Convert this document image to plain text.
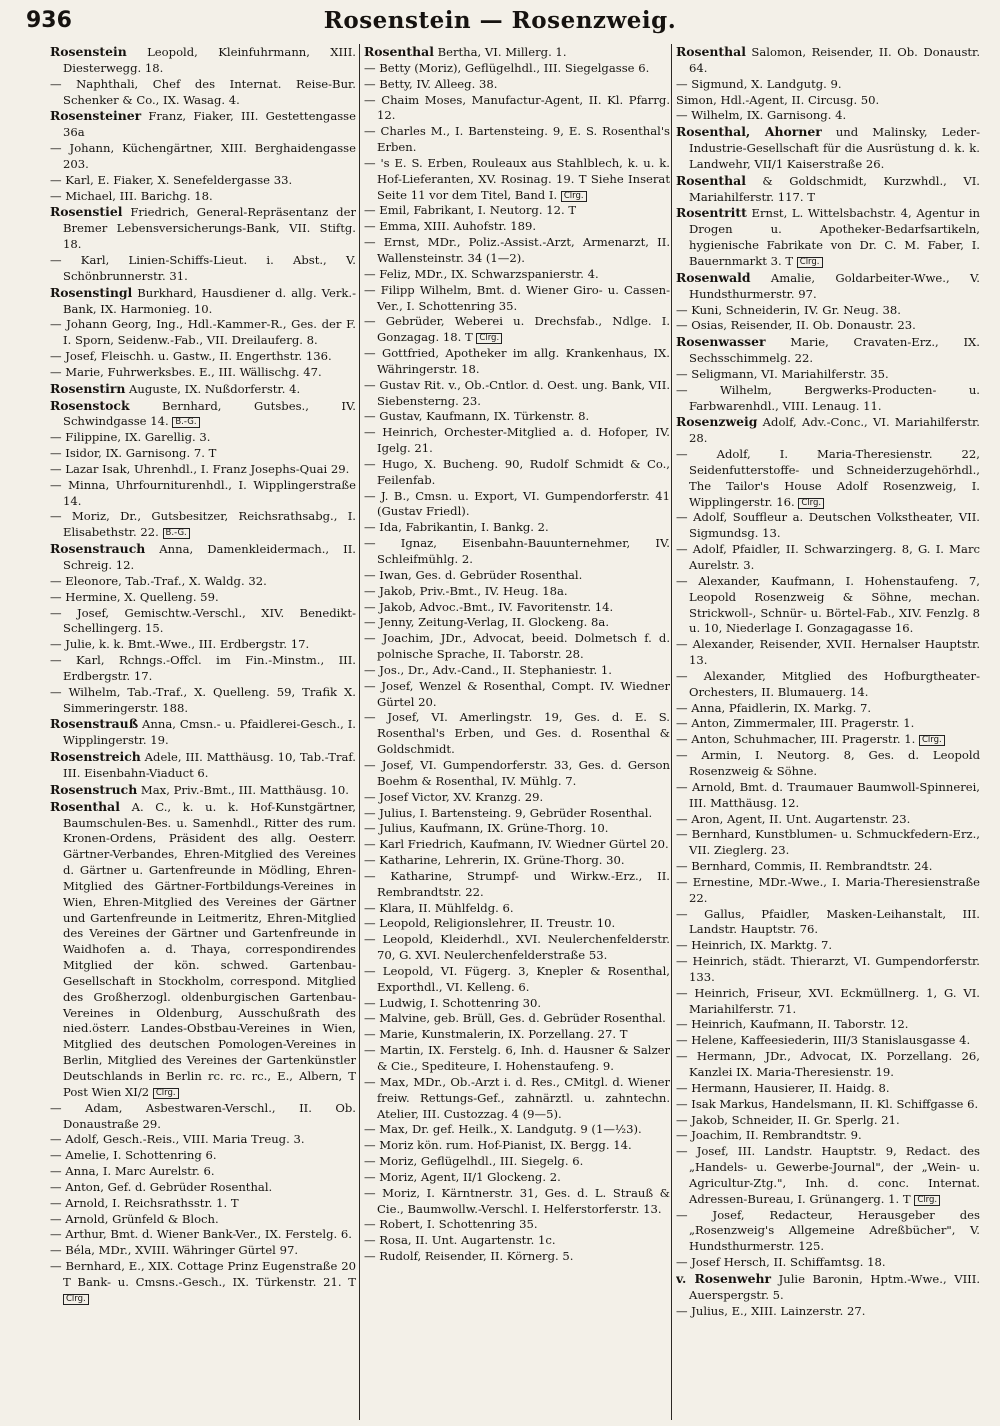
936	Rosenstein — Rosenzweig.

Rosenstein Leopold, Kleinfuhrmann, XIII. Diesterwegg. 18.

— Naphthali, Chef des Internat. Reise-Bur. Schenker & Co., IX. Wasag. 4.

Rosensteiner Franz, Fiaker, III. Gestettengasse 36a

— Johann, Küchengärtner, XIII. Berghaidengasse 203.

— Karl, E. Fiaker, X. Senefeldergasse 33.

— Michael, III. Barichg. 18.

Rosenstiel Friedrich, General-Repräsentanz der Bremer Lebensversicherungs-Bank, VII. Stiftg. 18.

— Karl, Linien-Schiffs-Lieut. i. Abst., V. Schönbrunnerstr. 31.

Rosenstingl Burkhard, Hausdiener d. allg. Verk.-Bank, IX. Harmonieg. 10.

— Johann Georg, Ing., Hdl.-Kammer-R., Ges. der F. I. Sporn, Seidenw.-Fab., VII. Dreilauferg. 8.

— Josef, Fleischh. u. Gastw., II. Engerthstr. 136.

— Marie, Fuhrwerksbes. E., III. Wällischg. 47.

Rosenstirn Auguste, IX. Nußdorferstr. 4.

Rosenstock Bernhard, Gutsbes., IV. Schwindgasse 14. B.-G.

— Filippine, IX. Garellig. 3.

— Isidor, IX. Garnisong. 7. T

— Lazar Isak, Uhrenhdl., I. Franz Josephs-Quai 29.

— Minna, Uhrfourniturenhdl., I. Wipplingerstraße 14.

— Moriz, Dr., Gutsbesitzer, Reichsrathsabg., I. Elisabethstr. 22. B.-G.

Rosenstrauch Anna, Damenkleidermach., II. Schreig. 12.

— Eleonore, Tab.-Traf., X. Waldg. 32.

— Hermine, X. Quelleng. 59.

— Josef, Gemischtw.-Verschl., XIV. Benedikt-Schellingerg. 15.

— Julie, k. k. Bmt.-Wwe., III. Erdbergstr. 17.

— Karl, Rchngs.-Offcl. im Fin.-Minstm., III. Erdbergstr. 17.

— Wilhelm, Tab.-Traf., X. Quelleng. 59, Trafik X. Simmeringerstr. 188.

Rosenstrauß Anna, Cmsn.- u. Pfaidlerei-Gesch., I. Wipplingerstr. 19.

Rosenstreich Adele, III. Matthäusg. 10, Tab.-Traf. III. Eisenbahn-Viaduct 6.

Rosenstruch Max, Priv.-Bmt., III. Matthäusg. 10.

Rosenthal A. C., k. u. k. Hof-Kunstgärtner, Baumschulen-Bes. u. Samenhdl., Ritter des rum. Kronen-Ordens, Präsident des allg. Oesterr. Gärtner-Verbandes, Ehren-Mitglied des Vereines d. Gärtner u. Gartenfreunde in Mödling, Ehren-Mitglied des Gärtner-Fortbildungs-Vereines in Wien, Ehren-Mitglied des Vereines der Gärtner und Gartenfreunde in Leitmeritz, Ehren-Mitglied des Vereines der Gärtner und Gartenfreunde in Waidhofen a. d. Thaya, correspondirendes Mitglied der kön. schwed. Gartenbau-Gesellschaft in Stockholm, correspond. Mitglied des Großherzogl. oldenburgischen Gartenbau-Vereines in Oldenburg, Ausschußrath des nied.österr. Landes-Obstbau-Vereines in Wien, Mitglied des deutschen Pomologen-Vereines in Berlin, Mitglied des Vereines der Gartenkünstler Deutschlands in Berlin rc. rc. rc., E., Albern, T Post Wien XI/2 Clrg.

— Adam, Asbestwaren-Verschl., II. Ob. Donaustraße 29.

— Adolf, Gesch.-Reis., VIII. Maria Treug. 3.

— Amelie, I. Schottenring 6.

— Anna, I. Marc Aurelstr. 6.

— Anton, Gef. d. Gebrüder Rosenthal.

— Arnold, I. Reichsrathsstr. 1. T

— Arnold, Grünfeld & Bloch.

— Arthur, Bmt. d. Wiener Bank-Ver., IX. Ferstelg. 6.

— Béla, MDr., XVIII. Währinger Gürtel 97.

— Bernhard, E., XIX. Cottage Prinz Eugenstraße 20 T Bank- u. Cmsns.-Gesch., IX. Türkenstr. 21. T Clrg.

Rosenthal Bertha, VI. Millerg. 1.

— Betty (Moriz), Geflügelhdl., III. Siegelgasse 6.

— Betty, IV. Alleeg. 38.

— Chaim Moses, Manufactur-Agent, II. Kl. Pfarrg. 12.

— Charles M., I. Bartensteing. 9, E. S. Rosenthal's Erben.

— 's E. S. Erben, Rouleaux aus Stahlblech, k. u. k. Hof-Lieferanten, XV. Rosinag. 19. T Siehe Inserat Seite 11 vor dem Titel, Band I. Clrg.

— Emil, Fabrikant, I. Neutorg. 12. T

— Emma, XIII. Auhofstr. 189.

— Ernst, MDr., Poliz.-Assist.-Arzt, Armenarzt, II. Wallensteinstr. 34 (1—2).

— Feliz, MDr., IX. Schwarzspanierstr. 4.

— Filipp Wilhelm, Bmt. d. Wiener Giro- u. Cassen-Ver., I. Schottenring 35.

— Gebrüder, Weberei u. Drechsfab., Ndlge. I. Gonzagag. 18. T Clrg.

— Gottfried, Apotheker im allg. Krankenhaus, IX. Währingerstr. 18.

— Gustav Rit. v., Ob.-Cntlor. d. Oest. ung. Bank, VII. Siebensterng. 23.

— Gustav, Kaufmann, IX. Türkenstr. 8.

— Heinrich, Orchester-Mitglied a. d. Hofoper, IV. Igelg. 21.

— Hugo, X. Bucheng. 90, Rudolf Schmidt & Co., Feilenfab.

— J. B., Cmsn. u. Export, VI. Gumpendorferstr. 41 (Gustav Friedl).

— Ida, Fabrikantin, I. Bankg. 2.

— Ignaz, Eisenbahn-Bauunternehmer, IV. Schleifmühlg. 2.

— Iwan, Ges. d. Gebrüder Rosenthal.

— Jakob, Priv.-Bmt., IV. Heug. 18a.

— Jakob, Advoc.-Bmt., IV. Favoritenstr. 14.

— Jenny, Zeitung-Verlag, II. Glockeng. 8a.

— Joachim, JDr., Advocat, beeid. Dolmetsch f. d. polnische Sprache, II. Taborstr. 28.

— Jos., Dr., Adv.-Cand., II. Stephaniestr. 1.

— Josef, Wenzel & Rosenthal, Compt. IV. Wiedner Gürtel 20.

— Josef, VI. Amerlingstr. 19, Ges. d. E. S. Rosenthal's Erben, und Ges. d. Rosenthal & Goldschmidt.

— Josef, VI. Gumpendorferstr. 33, Ges. d. Gerson Boehm & Rosenthal, IV. Mühlg. 7.

— Josef Victor, XV. Kranzg. 29.

— Julius, I. Bartensteing. 9, Gebrüder Rosenthal.

— Julius, Kaufmann, IX. Grüne-Thorg. 10.

— Karl Friedrich, Kaufmann, IV. Wiedner Gürtel 20.

— Katharine, Lehrerin, IX. Grüne-Thorg. 30.

— Katharine, Strumpf- und Wirkw.-Erz., II. Rembrandtstr. 22.

— Klara, II. Mühlfeldg. 6.

— Leopold, Religionslehrer, II. Treustr. 10.

— Leopold, Kleiderhdl., XVI. Neulerchenfelderstr. 70, G. XVI. Neulerchenfelderstraße 53.

— Leopold, VI. Fügerg. 3, Knepler & Rosenthal, Exporthdl., VI. Kelleng. 6.

— Ludwig, I. Schottenring 30.

— Malvine, geb. Brüll, Ges. d. Gebrüder Rosenthal.

— Marie, Kunstmalerin, IX. Porzellang. 27. T

— Martin, IX. Ferstelg. 6, Inh. d. Hausner & Salzer & Cie., Spediteure, I. Hohenstaufeng. 9.

— Max, MDr., Ob.-Arzt i. d. Res., CMitgl. d. Wiener freiw. Rettungs-Gef., zahnärztl. u. zahntechn. Atelier, III. Custozzag. 4 (9—5).

— Max, Dr. gef. Heilk., X. Landgutg. 9 (1—½3).

— Moriz kön. rum. Hof-Pianist, IX. Bergg. 14.

— Moriz, Geflügelhdl., III. Siegelg. 6.

— Moriz, Agent, II/1 Glockeng. 2.

— Moriz, I. Kärntnerstr. 31, Ges. d. L. Strauß & Cie., Baumwollw.-Verschl. I. Helferstorferstr. 13.

— Robert, I. Schottenring 35.

— Rosa, II. Unt. Augartenstr. 1c.

— Rudolf, Reisender, II. Körnerg. 5.

Rosenthal Salomon, Reisender, II. Ob. Donaustr. 64.

— Sigmund, X. Landgutg. 9.

Simon, Hdl.-Agent, II. Circusg. 50.

— Wilhelm, IX. Garnisong. 4.

Rosenthal, Ahorner und Malinsky, Leder-Industrie-Gesellschaft für die Ausrüstung d. k. k. Landwehr, VII/1 Kaiserstraße 26.

Rosenthal & Goldschmidt, Kurzwhdl., VI. Mariahilferstr. 117. T

Rosentritt Ernst, L. Wittelsbachstr. 4, Agentur in Drogen u. Apotheker-Bedarfsartikeln, hygienische Fabrikate von Dr. C. M. Faber, I. Bauernmarkt 3. T Clrg.

Rosenwald Amalie, Goldarbeiter-Wwe., V. Hundsthurmerstr. 97.

— Kuni, Schneiderin, IV. Gr. Neug. 38.

— Osias, Reisender, II. Ob. Donaustr. 23.

Rosenwasser Marie, Cravaten-Erz., IX. Sechsschimmelg. 22.

— Seligmann, VI. Mariahilferstr. 35.

— Wilhelm, Bergwerks-Producten- u. Farbwarenhdl., VIII. Lenaug. 11.

Rosenzweig Adolf, Adv.-Conc., VI. Mariahilferstr. 28.

— Adolf, I. Maria-Theresienstr. 22, Seidenfutterstoffe- und Schneiderzugehörhdl., The Tailor's House Adolf Rosenzweig, I. Wipplingerstr. 16. Clrg.

— Adolf, Souffleur a. Deutschen Volkstheater, VII. Sigmundsg. 13.

— Adolf, Pfaidler, II. Schwarzingerg. 8, G. I. Marc Aurelstr. 3.

— Alexander, Kaufmann, I. Hohenstaufeng. 7, Leopold Rosenzweig & Söhne, mechan. Strickwoll-, Schnür- u. Börtel-Fab., XIV. Fenzlg. 8 u. 10, Niederlage I. Gonzagagasse 16.

— Alexander, Reisender, XVII. Hernalser Hauptstr. 13.

— Alexander, Mitglied des Hofburgtheater-Orchesters, II. Blumauerg. 14.

— Anna, Pfaidlerin, IX. Markg. 7.

— Anton, Zimmermaler, III. Pragerstr. 1.

— Anton, Schuhmacher, III. Pragerstr. 1. Clrg.

— Armin, I. Neutorg. 8, Ges. d. Leopold Rosenzweig & Söhne.

— Arnold, Bmt. d. Traumauer Baumwoll-Spinnerei, III. Matthäusg. 12.

— Aron, Agent, II. Unt. Augartenstr. 23.

— Bernhard, Kunstblumen- u. Schmuckfedern-Erz., VII. Zieglerg. 23.

— Bernhard, Commis, II. Rembrandtstr. 24.

— Ernestine, MDr.-Wwe., I. Maria-Theresienstraße 22.

— Gallus, Pfaidler, Masken-Leihanstalt, III. Landstr. Hauptstr. 76.

— Heinrich, IX. Marktg. 7.

— Heinrich, städt. Thierarzt, VI. Gumpendorferstr. 133.

— Heinrich, Friseur, XVI. Eckmüllnerg. 1, G. VI. Mariahilferstr. 71.

— Heinrich, Kaufmann, II. Taborstr. 12.

— Helene, Kaffeesiederin, III/3 Stanislausgasse 4.

— Hermann, JDr., Advocat, IX. Porzellang. 26, Kanzlei IX. Maria-Theresienstr. 19.

— Hermann, Hausierer, II. Haidg. 8.

— Isak Markus, Handelsmann, II. Kl. Schiffgasse 6.

— Jakob, Schneider, II. Gr. Sperlg. 21.

— Joachim, II. Rembrandtstr. 9.

— Josef, III. Landstr. Hauptstr. 9, Redact. des „Handels- u. Gewerbe-Journal", der „Wein- u. Agricultur-Ztg.", Inh. d. conc. Internat. Adressen-Bureau, I. Grünangerg. 1. T Clrg.

— Josef, Redacteur, Herausgeber des „Rosenzweig's Allgemeine Adreßbücher", V. Hundsthurmerstr. 125.

— Josef Hersch, II. Schiffamtsg. 18.

v. Rosenwehr Julie Baronin, Hptm.-Wwe., VIII. Auerspergstr. 5.

— Julius, E., XIII. Lainzerstr. 27.
